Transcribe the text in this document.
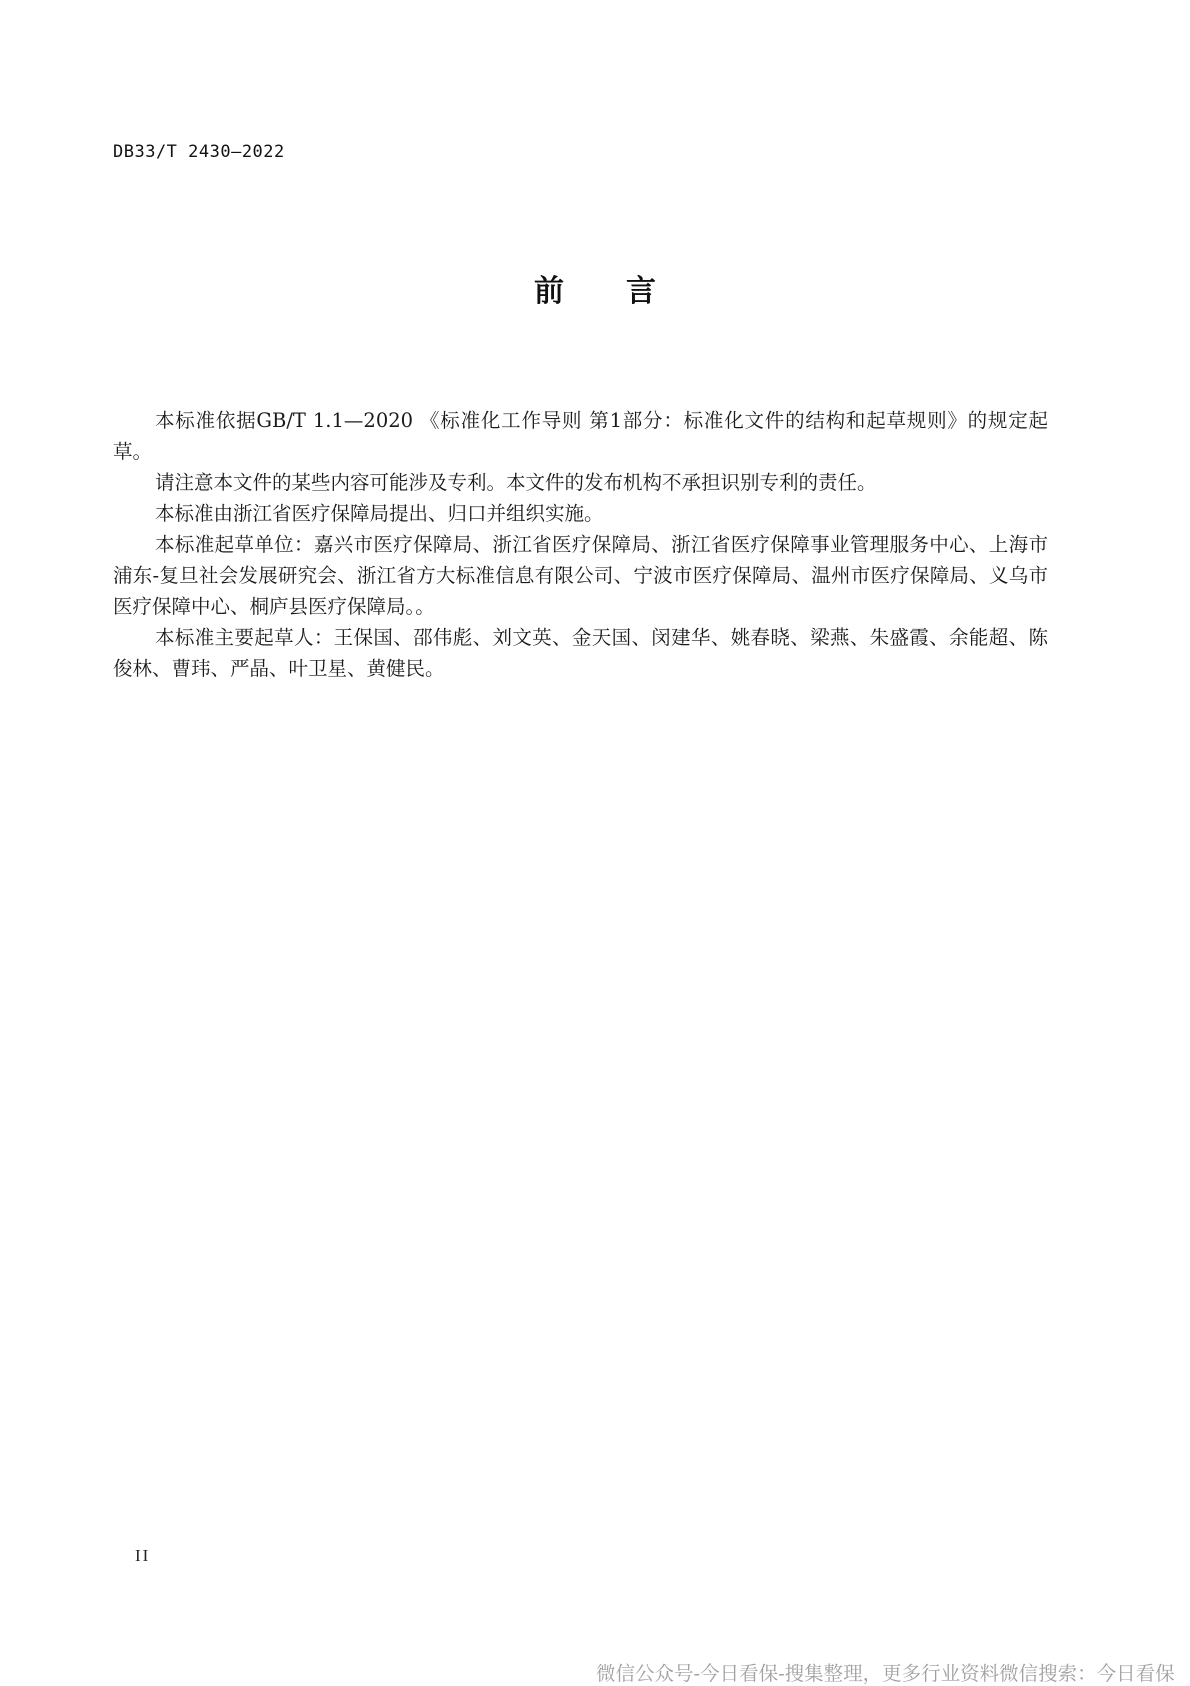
DB33/T 2430—2022
前言

本标准依据GB/T 1.1—2020 《标准化工作导则 第1部分：标准化文件的结构和起草规则》的规定起草。

请注意本文件的某些内容可能涉及专利。本文件的发布机构不承担识别专利的责任。

本标准由浙江省医疗保障局提出、归口并组织实施。

本标准起草单位：嘉兴市医疗保障局、浙江省医疗保障局、浙江省医疗保障事业管理服务中心、上海市浦东-复旦社会发展研究会、浙江省方大标准信息有限公司、宁波市医疗保障局、温州市医疗保障局、义乌市医疗保障中心、桐庐县医疗保障局。。

本标准主要起草人：王保国、邵伟彪、刘文英、金天国、闵建华、姚春晓、梁燕、朱盛霞、余能超、陈俊林、曹玮、严晶、叶卫星、黄健民。

II
微信公众号-今日看保-搜集整理，更多行业资料微信搜索：今日看保
